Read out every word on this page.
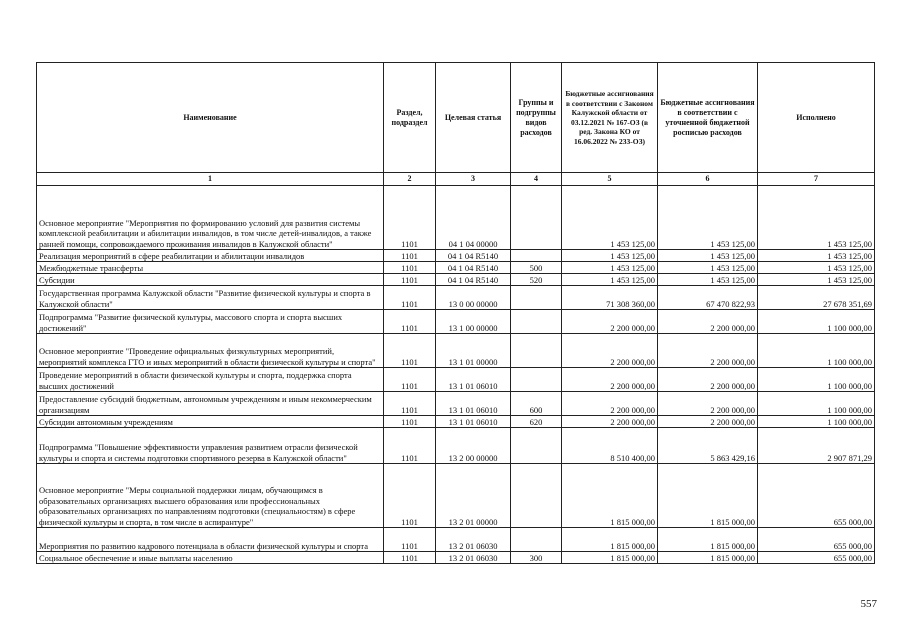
Наименование	Раздел, подраздел	Целевая статья	Группы и подгруппы видов расходов	Бюджетные ассигнования в соответствии с Законом Калужской области от 03.12.2021 № 167-ОЗ (в ред. Закона КО от 16.06.2022 № 233-ОЗ)	Бюджетные ассигнования в соответствии с уточненной бюджетной росписью расходов	Исполнено
1	2	3	4	5	6	7
Основное мероприятие "Мероприятия по формированию условий для развития системы комплексной реабилитации и абилитации инвалидов, в том числе детей-инвалидов, а также ранней помощи, сопровождаемого проживания инвалидов в Калужской области"	1101	04 1 04 00000		1 453 125,00	1 453 125,00	1 453 125,00
Реализация мероприятий в сфере реабилитации и абилитации инвалидов	1101	04 1 04 R5140		1 453 125,00	1 453 125,00	1 453 125,00
Межбюджетные трансферты	1101	04 1 04 R5140	500	1 453 125,00	1 453 125,00	1 453 125,00
Субсидии	1101	04 1 04 R5140	520	1 453 125,00	1 453 125,00	1 453 125,00
Государственная программа Калужской области "Развитие физической культуры и спорта в Калужской области"	1101	13 0 00 00000		71 308 360,00	67 470 822,93	27 678 351,69
Подпрограмма "Развитие физической культуры, массового спорта и спорта высших достижений"	1101	13 1 00 00000		2 200 000,00	2 200 000,00	1 100 000,00
Основное мероприятие "Проведение официальных физкультурных мероприятий, мероприятий комплекса ГТО и иных мероприятий в области физической культуры и спорта"	1101	13 1 01 00000		2 200 000,00	2 200 000,00	1 100 000,00
Проведение мероприятий в области физической культуры и спорта, поддержка спорта высших достижений	1101	13 1 01 06010		2 200 000,00	2 200 000,00	1 100 000,00
Предоставление субсидий бюджетным, автономным учреждениям и иным некоммерческим организациям	1101	13 1 01 06010	600	2 200 000,00	2 200 000,00	1 100 000,00
Субсидии автономным учреждениям	1101	13 1 01 06010	620	2 200 000,00	2 200 000,00	1 100 000,00
Подпрограмма "Повышение эффективности управления развитием отрасли физической культуры и спорта и системы подготовки спортивного резерва в Калужской области"	1101	13 2 00 00000		8 510 400,00	5 863 429,16	2 907 871,29
Основное мероприятие "Меры социальной поддержки лицам, обучающимся в образовательных организациях высшего образования или профессиональных образовательных организациях по направлениям подготовки (специальностям) в сфере физической культуры и спорта, в том числе в аспирантуре"	1101	13 2 01 00000		1 815 000,00	1 815 000,00	655 000,00
Мероприятия по развитию кадрового потенциала в области физической культуры и спорта	1101	13 2 01 06030		1 815 000,00	1 815 000,00	655 000,00
Социальное обеспечение и иные выплаты населению	1101	13 2 01 06030	300	1 815 000,00	1 815 000,00	655 000,00
557
